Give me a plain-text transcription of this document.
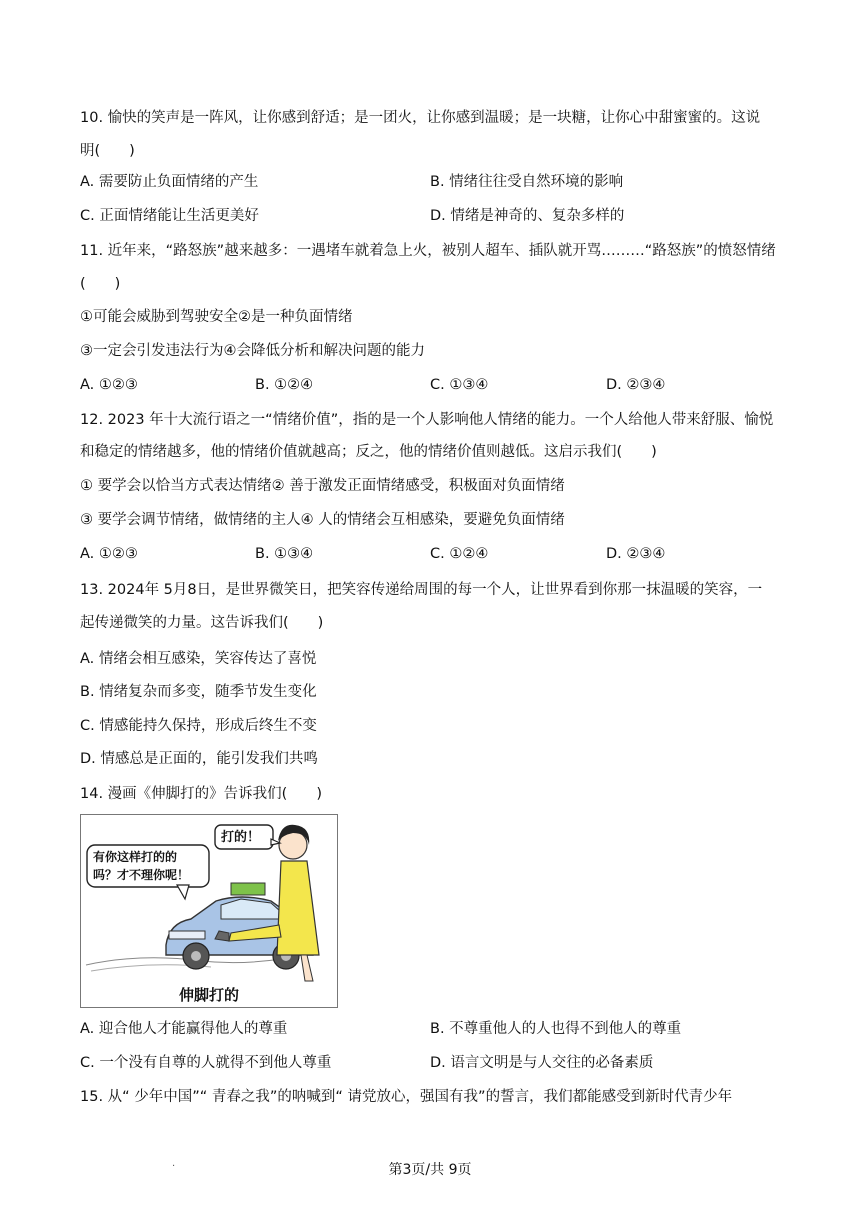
10. 愉快的笑声是一阵风，让你感到舒适；是一团火，让你感到温暖；是一块糖，让你心中甜蜜蜜的。这说
明(　　)
A. 需要防止负面情绪的产生	B. 情绪往往受自然环境的影响
C. 正面情绪能让生活更美好	D. 情绪是神奇的、复杂多样的
11. 近年来，“路怒族”越来越多：一遇堵车就着急上火，被别人超车、插队就开骂………“路怒族”的愤怒情绪
(　　)
①可能会威胁到驾驶安全②是一种负面情绪
③一定会引发违法行为④会降低分析和解决问题的能力
A. ①②③	B. ①②④	C. ①③④	D. ②③④
12. 2023 年十大流行语之一“情绪价值”，指的是一个人影响他人情绪的能力。一个人给他人带来舒服、愉悦
和稳定的情绪越多，他的情绪价值就越高；反之，他的情绪价值则越低。这启示我们(　　)
① 要学会以恰当方式表达情绪② 善于激发正面情绪感受，积极面对负面情绪
③ 要学会调节情绪，做情绪的主人④ 人的情绪会互相感染，要避免负面情绪
A. ①②③	B. ①③④	C. ①②④	D. ②③④
13. 2024年 5月8日，是世界微笑日，把笑容传递给周围的每一个人，让世界看到你那一抹温暖的笑容，一
起传递微笑的力量。这告诉我们(　　)
A. 情绪会相互感染，笑容传达了喜悦
B. 情绪复杂而多变，随季节发生变化
C. 情感能持久保持，形成后终生不变
D. 情感总是正面的，能引发我们共鸣
14. 漫画《伸脚打的》告诉我们(　　)
打的！
有你这样打的的
吗？才不理你呢！
伸脚打的
A. 迎合他人才能赢得他人的尊重	B. 不尊重他人的人也得不到他人的尊重
C. 一个没有自尊的人就得不到他人尊重	D. 语言文明是与人交往的必备素质
15. 从“ 少年中国”“ 青春之我”的呐喊到“ 请党放心，强国有我”的誓言，我们都能感受到新时代青少年
.	第3页/共 9页
